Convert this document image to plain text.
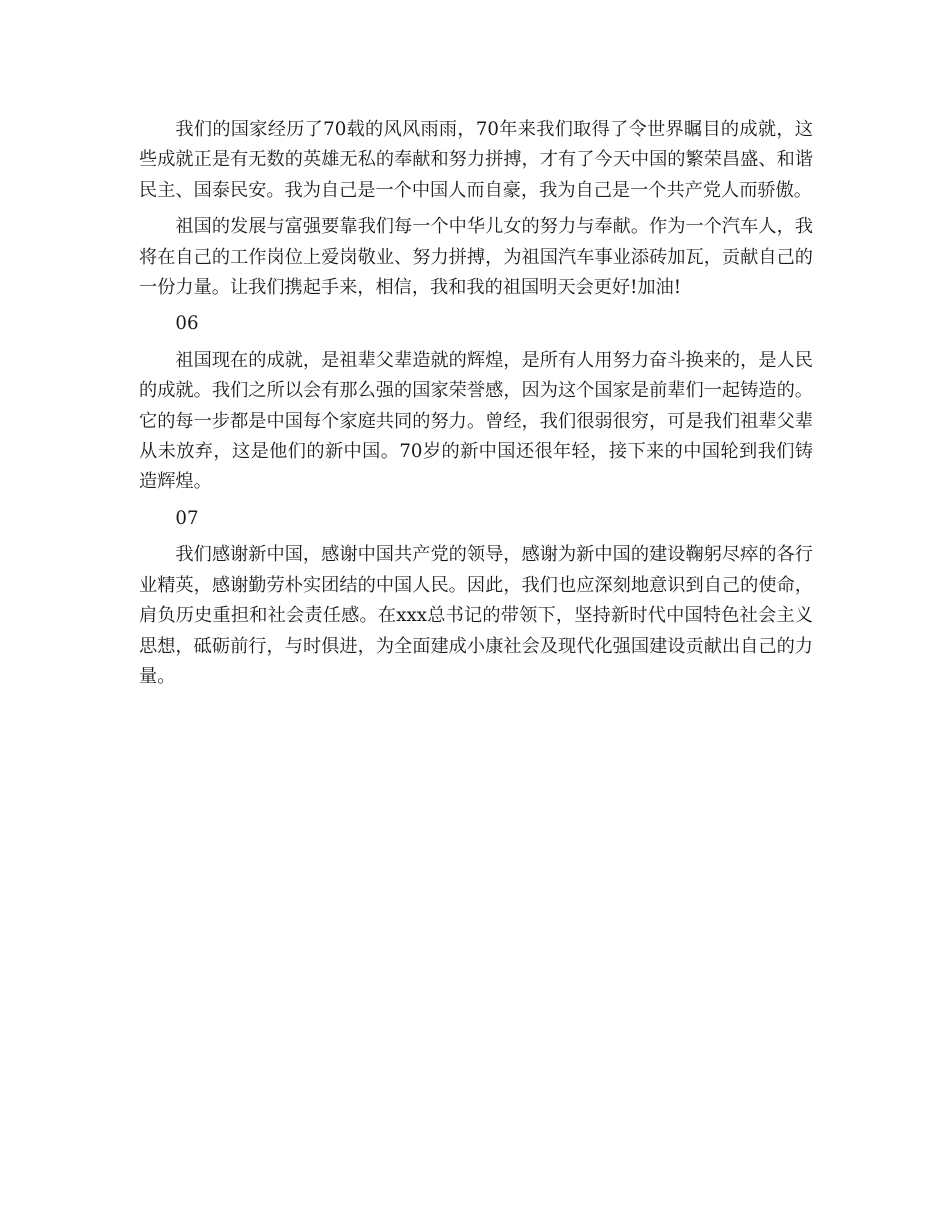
我们的国家经历了70载的风风雨雨，70年来我们取得了令世界瞩目的成就，这些成就正是有无数的英雄无私的奉献和努力拼搏，才有了今天中国的繁荣昌盛、和谐民主、国泰民安。我为自己是一个中国人而自豪，我为自己是一个共产党人而骄傲。

祖国的发展与富强要靠我们每一个中华儿女的努力与奉献。作为一个汽车人，我将在自己的工作岗位上爱岗敬业、努力拼搏，为祖国汽车事业添砖加瓦，贡献自己的一份力量。让我们携起手来，相信，我和我的祖国明天会更好!加油!

06

祖国现在的成就，是祖辈父辈造就的辉煌，是所有人用努力奋斗换来的，是人民的成就。我们之所以会有那么强的国家荣誉感，因为这个国家是前辈们一起铸造的。它的每一步都是中国每个家庭共同的努力。曾经，我们很弱很穷，可是我们祖辈父辈从未放弃，这是他们的新中国。70岁的新中国还很年轻，接下来的中国轮到我们铸造辉煌。

07

我们感谢新中国，感谢中国共产党的领导，感谢为新中国的建设鞠躬尽瘁的各行业精英，感谢勤劳朴实团结的中国人民。因此，我们也应深刻地意识到自己的使命，肩负历史重担和社会责任感。在xxx总书记的带领下，坚持新时代中国特色社会主义思想，砥砺前行，与时俱进，为全面建成小康社会及现代化强国建设贡献出自己的力量。
